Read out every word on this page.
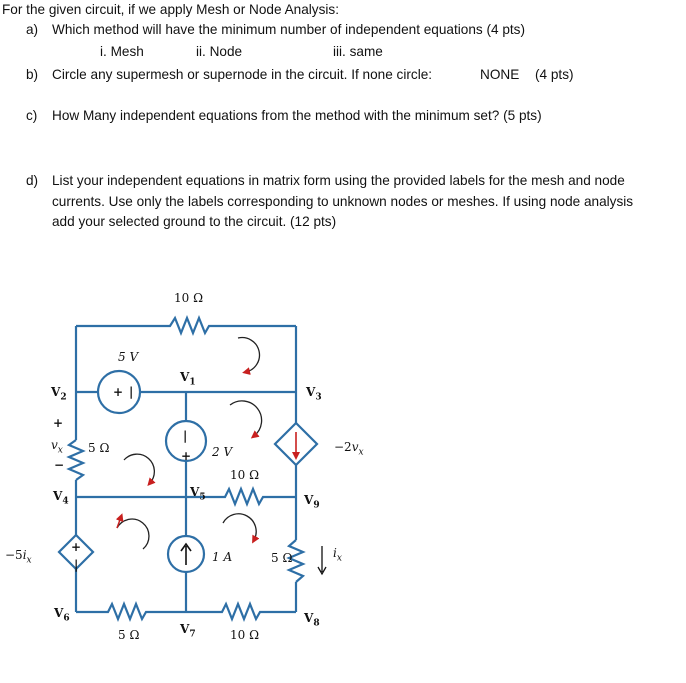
For the given circuit, if we apply Mesh or Node Analysis:
a) Which method will have the minimum number of independent equations (4 pts)
i. Mesh	ii. Node	iii. same
b) Circle any supermesh or supernode in the circuit. If none circle:	NONE (4 pts)
c) How Many independent equations from the method with the minimum set? (5 pts)
d) List your independent equations in matrix form using the provided labels for the mesh and node
currents. Use only the labels corresponding to unknown nodes or meshes. If using node analysis
add your selected ground to the circuit. (12 pts)
10 Ω
10 Ω
5 Ω
5 Ω	10 Ω
5 Ω
5 V
+ |
2 V
|
+
1 A
+
|
$-5i_x$
$-2v_x$
$i_x$
+
$v_x$
−
$V_2$
$V_1$
$V_3$
$V_4$
$V_5$	$V_9$
$V_6$
$V_7$
$V_8$
